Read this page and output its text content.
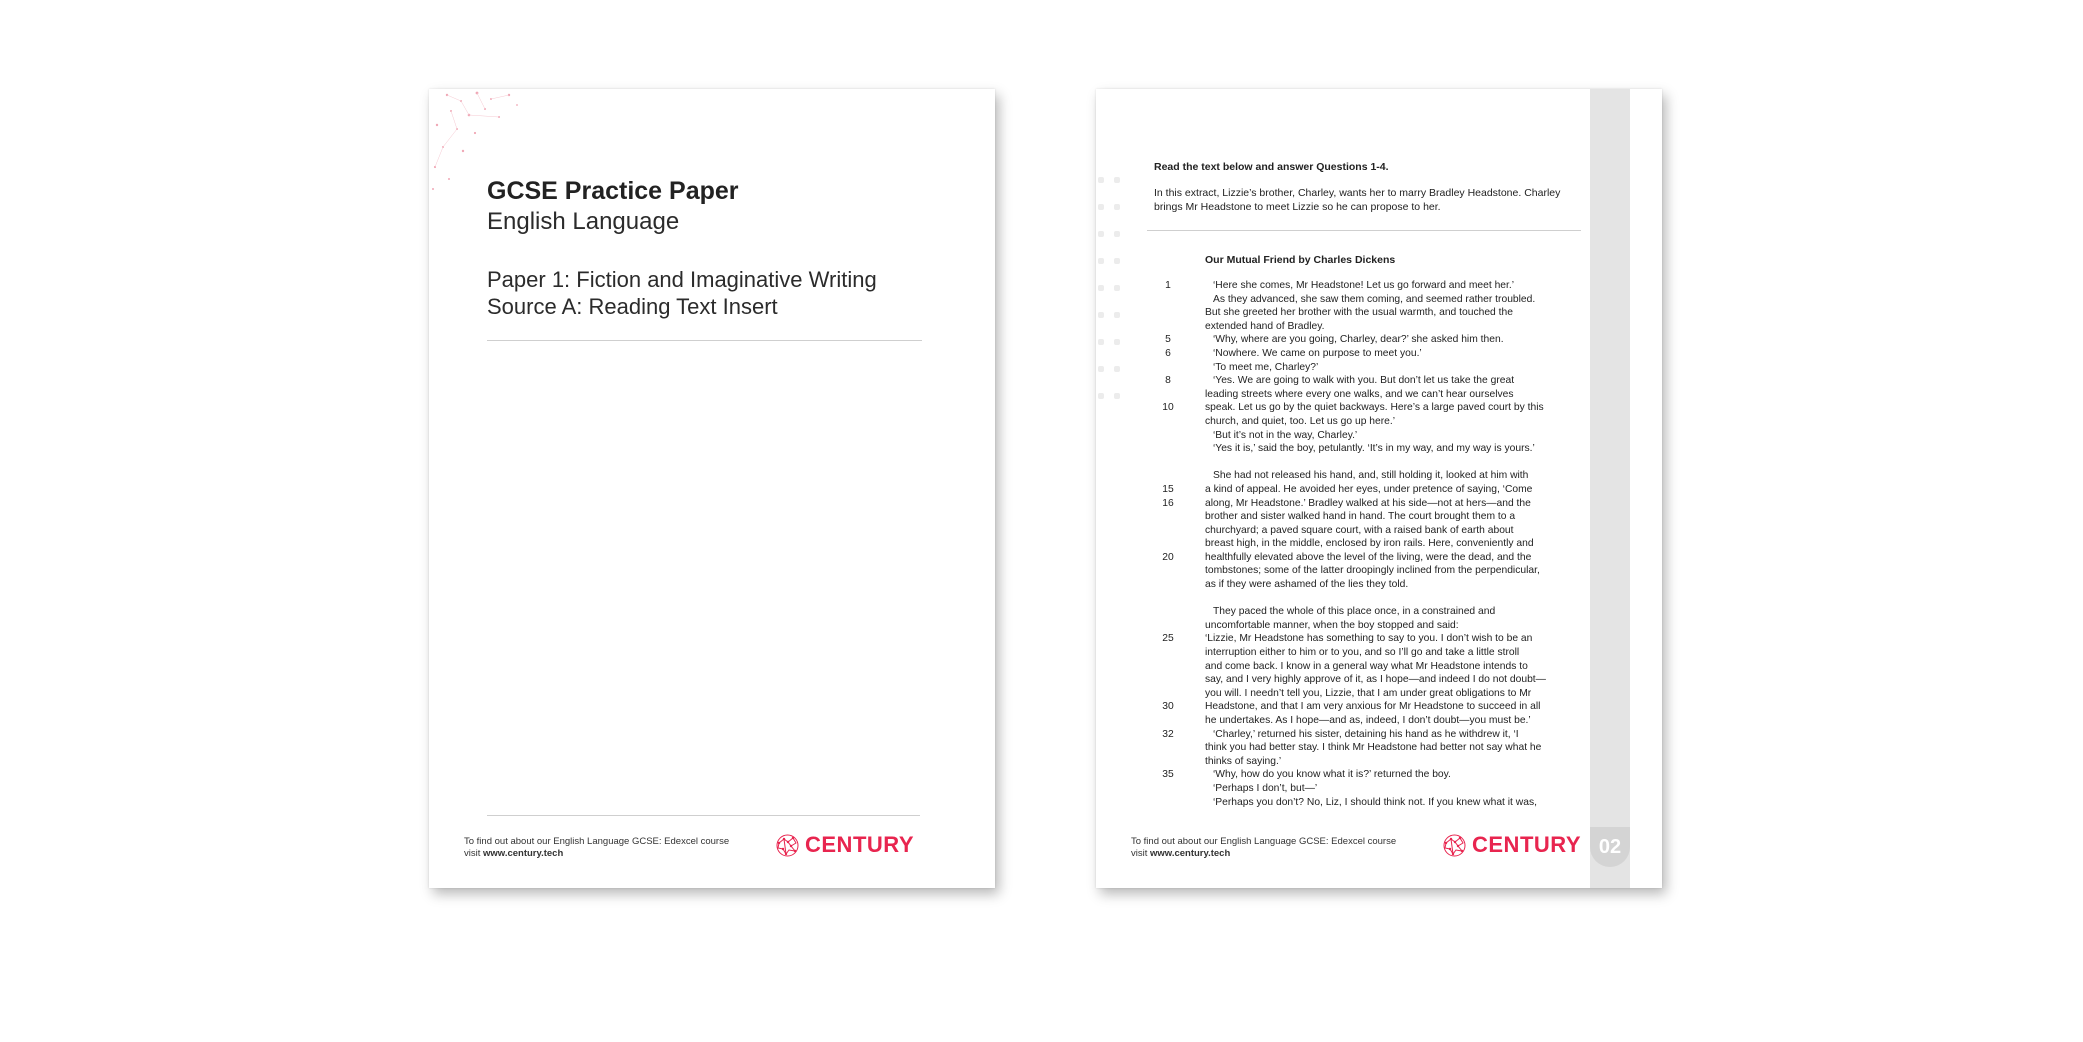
GCSE Practice Paper
English Language
Paper 1: Fiction and Imaginative Writing
Source A: Reading Text Insert
To find out about our English Language GCSE: Edexcel course
visit www.century.tech	CENTURY	02
Read the text below and answer Questions 1-4.
In this extract, Lizzie’s brother, Charley, wants her to marry Bradley Headstone. Charley brings Mr Headstone to meet Lizzie so he can propose to her.
Our Mutual Friend by Charles Dickens
1	‘Here she comes, Mr Headstone! Let us go forward and meet her.’
As they advanced, she saw them coming, and seemed rather troubled.
But she greeted her brother with the usual warmth, and touched the
extended hand of Bradley.
5	‘Why, where are you going, Charley, dear?’ she asked him then.
6	‘Nowhere. We came on purpose to meet you.’
‘To meet me, Charley?’
8	‘Yes. We are going to walk with you. But don’t let us take the great
leading streets where every one walks, and we can’t hear ourselves
10	speak. Let us go by the quiet backways. Here’s a large paved court by this
church, and quiet, too. Let us go up here.’
‘But it’s not in the way, Charley.’
‘Yes it is,’ said the boy, petulantly. ‘It’s in my way, and my way is yours.’
She had not released his hand, and, still holding it, looked at him with
15	a kind of appeal. He avoided her eyes, under pretence of saying, ‘Come
16	along, Mr Headstone.’ Bradley walked at his side—not at hers—and the
brother and sister walked hand in hand. The court brought them to a
churchyard; a paved square court, with a raised bank of earth about
breast high, in the middle, enclosed by iron rails. Here, conveniently and
20	healthfully elevated above the level of the living, were the dead, and the
tombstones; some of the latter droopingly inclined from the perpendicular,
as if they were ashamed of the lies they told.
They paced the whole of this place once, in a constrained and
uncomfortable manner, when the boy stopped and said:
25	‘Lizzie, Mr Headstone has something to say to you. I don’t wish to be an
interruption either to him or to you, and so I’ll go and take a little stroll
and come back. I know in a general way what Mr Headstone intends to
say, and I very highly approve of it, as I hope—and indeed I do not doubt—
you will. I needn’t tell you, Lizzie, that I am under great obligations to Mr
30	Headstone, and that I am very anxious for Mr Headstone to succeed in all
he undertakes. As I hope—and as, indeed, I don’t doubt—you must be.’
32	‘Charley,’ returned his sister, detaining his hand as he withdrew it, ‘I
think you had better stay. I think Mr Headstone had better not say what he
thinks of saying.’
35	‘Why, how do you know what it is?’ returned the boy.
‘Perhaps I don’t, but—’
‘Perhaps you don’t? No, Liz, I should think not. If you knew what it was,
To find out about our English Language GCSE: Edexcel course
visit www.century.tech	CENTURY
